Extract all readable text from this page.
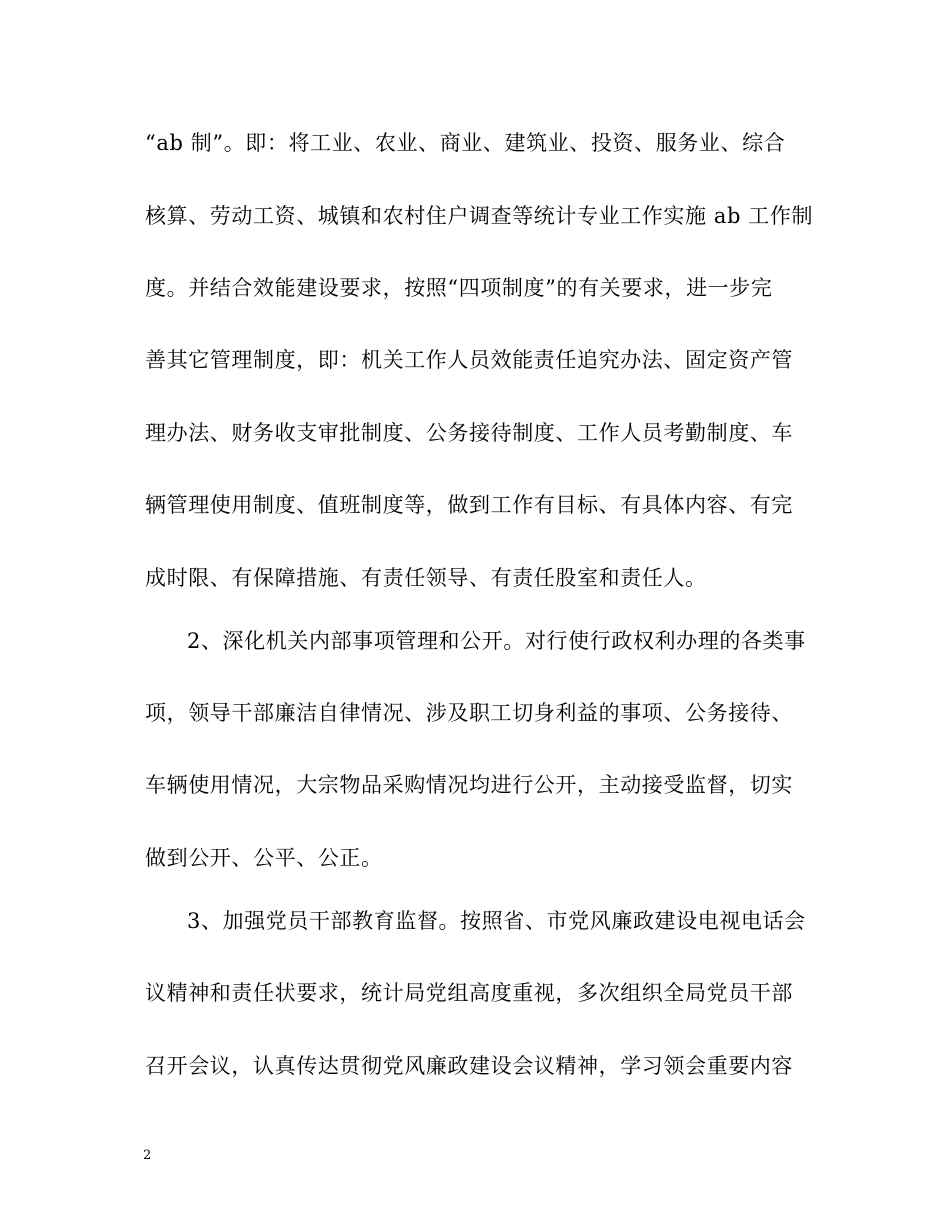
“ab 制”。即：将工业、农业、商业、建筑业、投资、服务业、综合
核算、劳动工资、城镇和农村住户调查等统计专业工作实施 ab 工作制
度。并结合效能建设要求，按照“四项制度”的有关要求，进一步完
善其它管理制度，即：机关工作人员效能责任追究办法、固定资产管
理办法、财务收支审批制度、公务接待制度、工作人员考勤制度、车
辆管理使用制度、值班制度等，做到工作有目标、有具体内容、有完
成时限、有保障措施、有责任领导、有责任股室和责任人。
2、深化机关内部事项管理和公开。对行使行政权利办理的各类事
项，领导干部廉洁自律情况、涉及职工切身利益的事项、公务接待、
车辆使用情况，大宗物品采购情况均进行公开，主动接受监督，切实
做到公开、公平、公正。
3、加强党员干部教育监督。按照省、市党风廉政建设电视电话会
议精神和责任状要求，统计局党组高度重视，多次组织全局党员干部
召开会议，认真传达贯彻党风廉政建设会议精神，学习领会重要内容
2
